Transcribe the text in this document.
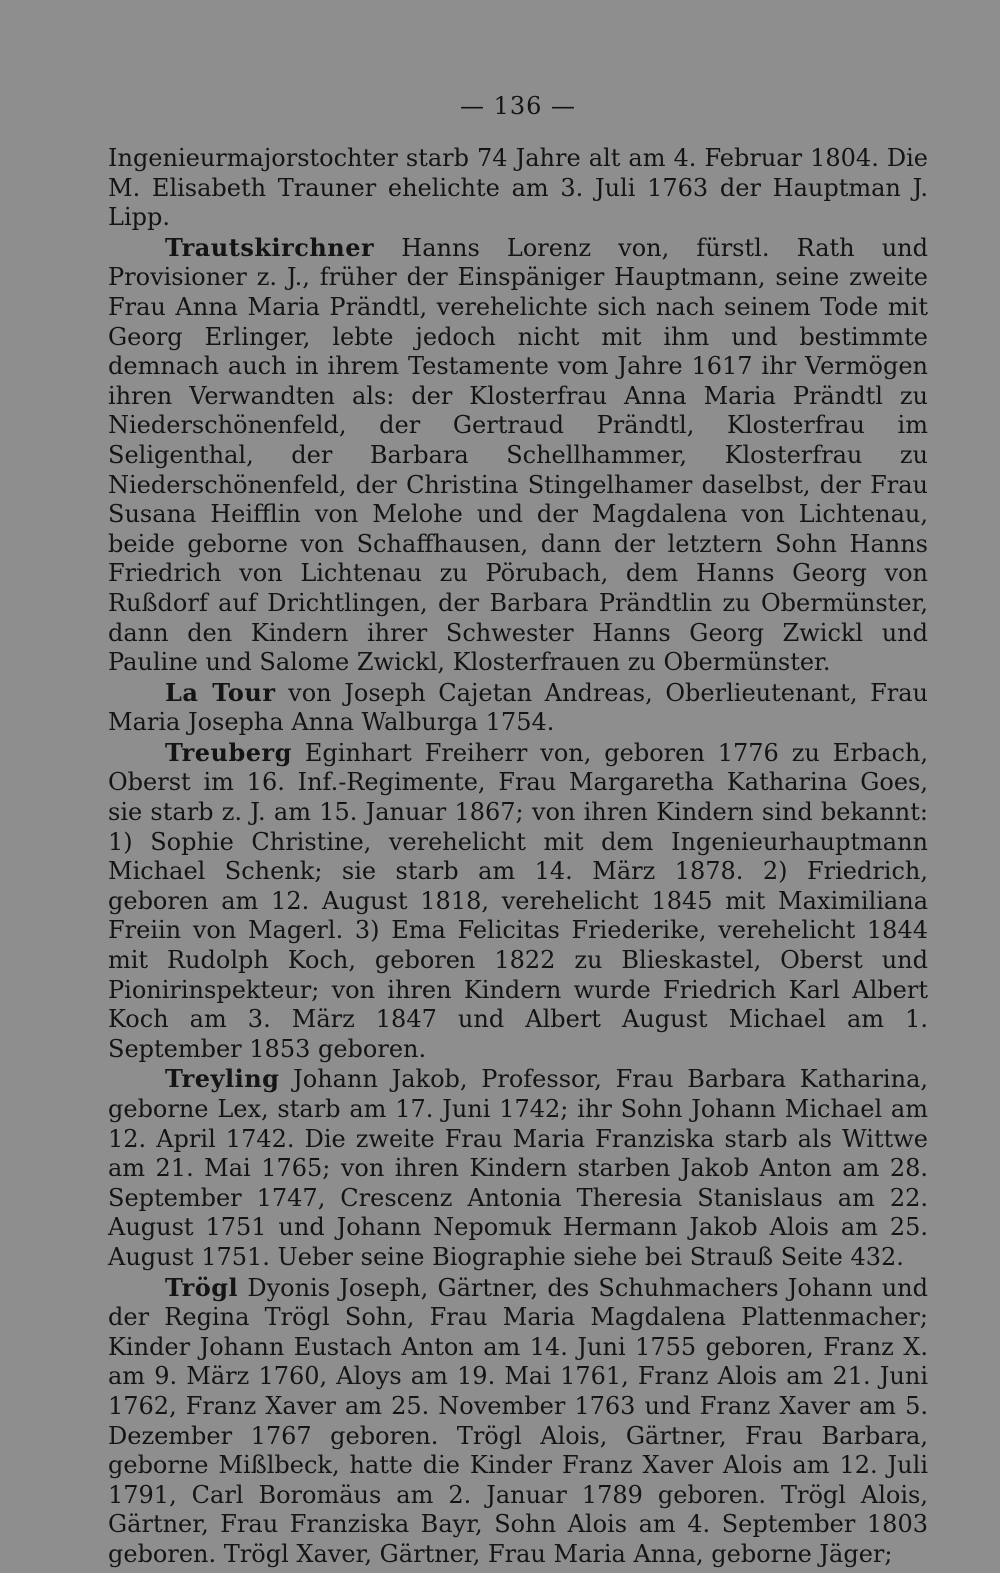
— 136 —

Ingenieurmajorstochter starb 74 Jahre alt am 4. Februar 1804. Die M. Elisabeth Trauner ehelichte am 3. Juli 1763 der Hauptman J. Lipp.

Trautskirchner Hanns Lorenz von, fürstl. Rath und Provisioner z. J., früher der Einspäniger Hauptmann, seine zweite Frau Anna Maria Prändtl, verehelichte sich nach seinem Tode mit Georg Erlinger, lebte jedoch nicht mit ihm und bestimmte demnach auch in ihrem Testamente vom Jahre 1617 ihr Vermögen ihren Verwandten als: der Klosterfrau Anna Maria Prändtl zu Niederschönenfeld, der Gertraud Prändtl, Klosterfrau im Seligenthal, der Barbara Schellhammer, Klosterfrau zu Niederschönenfeld, der Christina Stingelhamer daselbst, der Frau Susana Heifflin von Melohe und der Magdalena von Lichtenau, beide geborne von Schaffhausen, dann der letztern Sohn Hanns Friedrich von Lichtenau zu Pörubach, dem Hanns Georg von Rußdorf auf Drichtlingen, der Barbara Prändtlin zu Obermünster, dann den Kindern ihrer Schwester Hanns Georg Zwickl und Pauline und Salome Zwickl, Klosterfrauen zu Obermünster.

La Tour von Joseph Cajetan Andreas, Oberlieutenant, Frau Maria Josepha Anna Walburga 1754.

Treuberg Eginhart Freiherr von, geboren 1776 zu Erbach, Oberst im 16. Inf.-Regimente, Frau Margaretha Katharina Goes, sie starb z. J. am 15. Januar 1867; von ihren Kindern sind bekannt: 1) Sophie Christine, verehelicht mit dem Ingenieurhauptmann Michael Schenk; sie starb am 14. März 1878. 2) Friedrich, geboren am 12. August 1818, verehelicht 1845 mit Maximiliana Freiin von Magerl. 3) Ema Felicitas Friederike, verehelicht 1844 mit Rudolph Koch, geboren 1822 zu Blieskastel, Oberst und Pionirinspekteur; von ihren Kindern wurde Friedrich Karl Albert Koch am 3. März 1847 und Albert August Michael am 1. September 1853 geboren.

Treyling Johann Jakob, Professor, Frau Barbara Katharina, geborne Lex, starb am 17. Juni 1742; ihr Sohn Johann Michael am 12. April 1742. Die zweite Frau Maria Franziska starb als Wittwe am 21. Mai 1765; von ihren Kindern starben Jakob Anton am 28. September 1747, Crescenz Antonia Theresia Stanislaus am 22. August 1751 und Johann Nepomuk Hermann Jakob Alois am 25. August 1751. Ueber seine Biographie siehe bei Strauß Seite 432.

Trögl Dyonis Joseph, Gärtner, des Schuhmachers Johann und der Regina Trögl Sohn, Frau Maria Magdalena Plattenmacher; Kinder Johann Eustach Anton am 14. Juni 1755 geboren, Franz X. am 9. März 1760, Aloys am 19. Mai 1761, Franz Alois am 21. Juni 1762, Franz Xaver am 25. November 1763 und Franz Xaver am 5. Dezember 1767 geboren. Trögl Alois, Gärtner, Frau Barbara, geborne Mißlbeck, hatte die Kinder Franz Xaver Alois am 12. Juli 1791, Carl Boromäus am 2. Januar 1789 geboren. Trögl Alois, Gärtner, Frau Franziska Bayr, Sohn Alois am 4. September 1803 geboren. Trögl Xaver, Gärtner, Frau Maria Anna, geborne Jäger;
